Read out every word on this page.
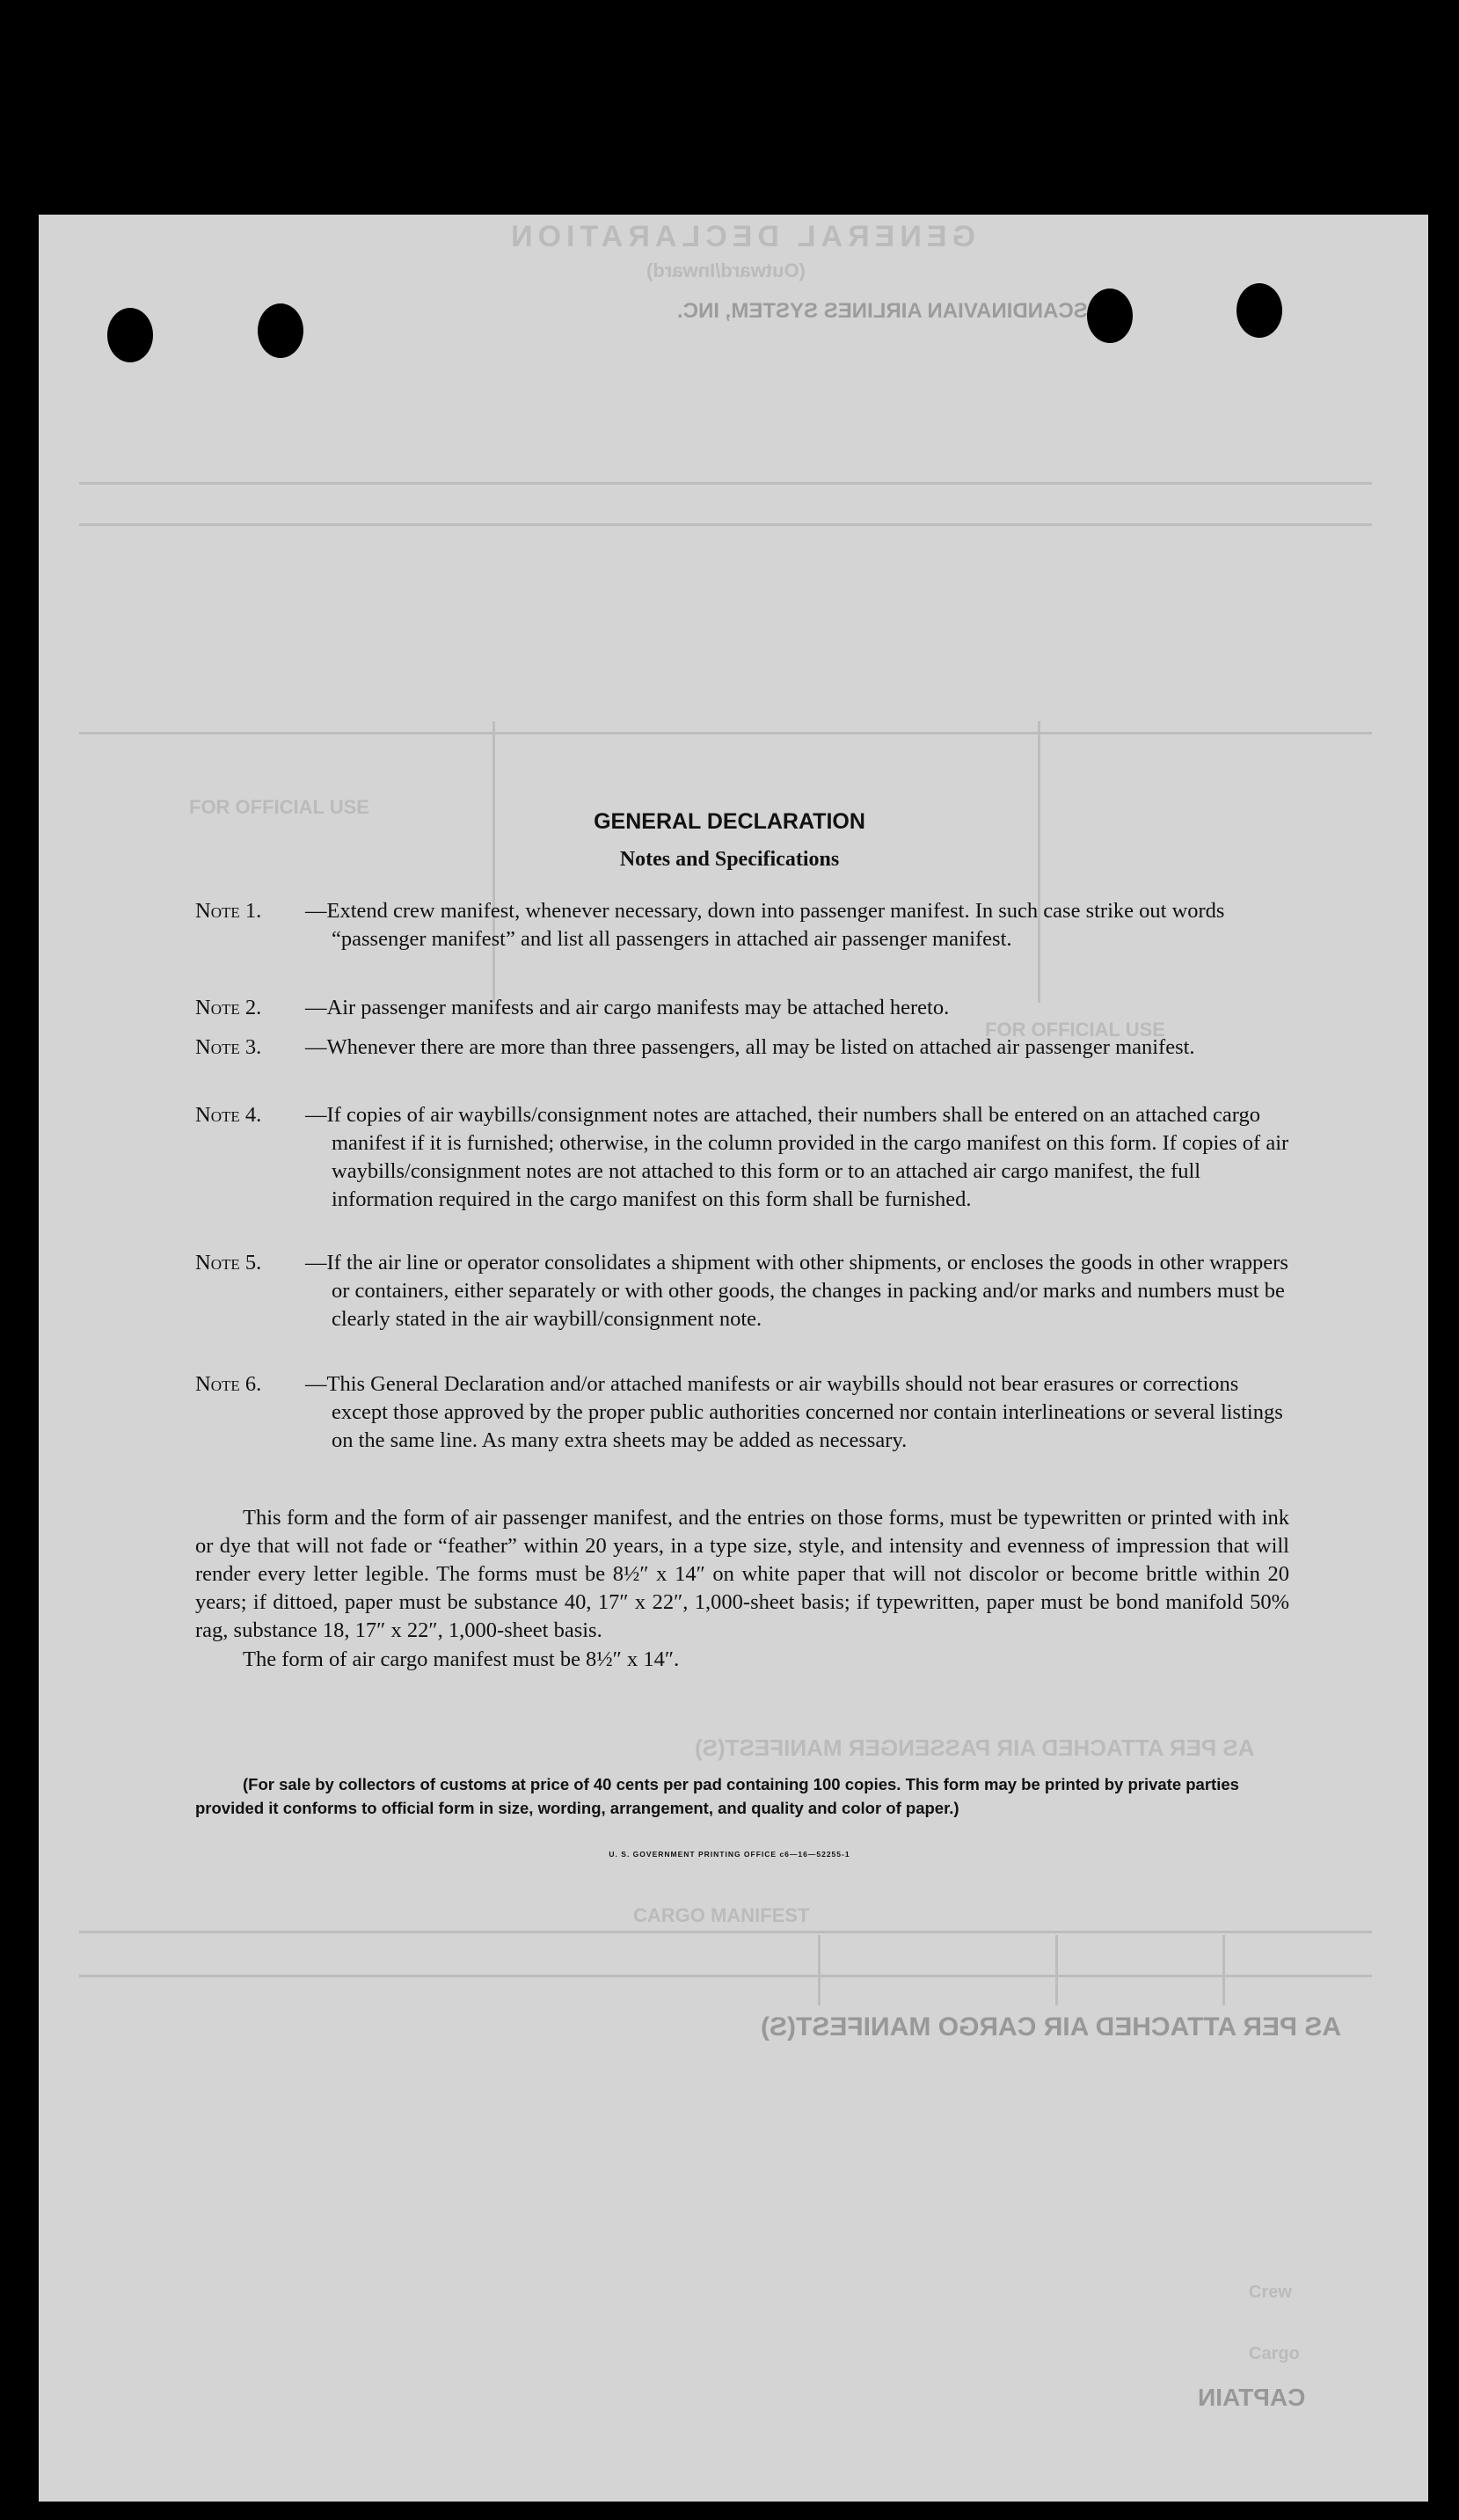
GENERAL DECLARATION
(Outward/Inward)
SCANDINAVIAN AIRLINES SYSTEM, INC.
FOR OFFICIAL USE
FOR OFFICIAL USE
AS PER ATTACHED AIR PASSENGER MANIFEST(S)
CARGO MANIFEST
AS PER ATTACHED AIR CARGO MANIFEST(S)
CAPTAIN
Crew
Cargo
GENERAL DECLARATION
Notes and Specifications
Note 1.	—Extend crew manifest, whenever necessary, down into passenger manifest. In such case strike out words “passenger manifest” and list all passengers in attached air passenger manifest.
Note 2.	—Air passenger manifests and air cargo manifests may be attached hereto.
Note 3.	—Whenever there are more than three passengers, all may be listed on attached air passenger manifest.
Note 4.	—If copies of air waybills/consignment notes are attached, their numbers shall be entered on an attached cargo manifest if it is furnished; otherwise, in the column provided in the cargo manifest on this form. If copies of air waybills/consignment notes are not attached to this form or to an attached air cargo manifest, the full information required in the cargo manifest on this form shall be furnished.
Note 5.	—If the air line or operator consolidates a shipment with other shipments, or encloses the goods in other wrappers or containers, either separately or with other goods, the changes in packing and/or marks and numbers must be clearly stated in the air waybill/consignment note.
Note 6.	—This General Declaration and/or attached manifests or air waybills should not bear erasures or corrections except those approved by the proper public authorities concerned nor contain interlineations or several listings on the same line. As many extra sheets may be added as necessary.
This form and the form of air passenger manifest, and the entries on those forms, must be typewritten or printed with ink or dye that will not fade or “feather” within 20 years, in a type size, style, and intensity and evenness of impression that will render every letter legible. The forms must be 8½″ x 14″ on white paper that will not discolor or become brittle within 20 years; if dittoed, paper must be substance 40, 17″ x 22″, 1,000-sheet basis; if typewritten, paper must be bond manifold 50% rag, substance 18, 17″ x 22″, 1,000-sheet basis.
The form of air cargo manifest must be 8½″ x 14″.
(For sale by collectors of customs at price of 40 cents per pad containing 100 copies. This form may be printed by private parties provided it conforms to official form in size, wording, arrangement, and quality and color of paper.)
U. S. GOVERNMENT PRINTING OFFICE c6—16—52255-1
